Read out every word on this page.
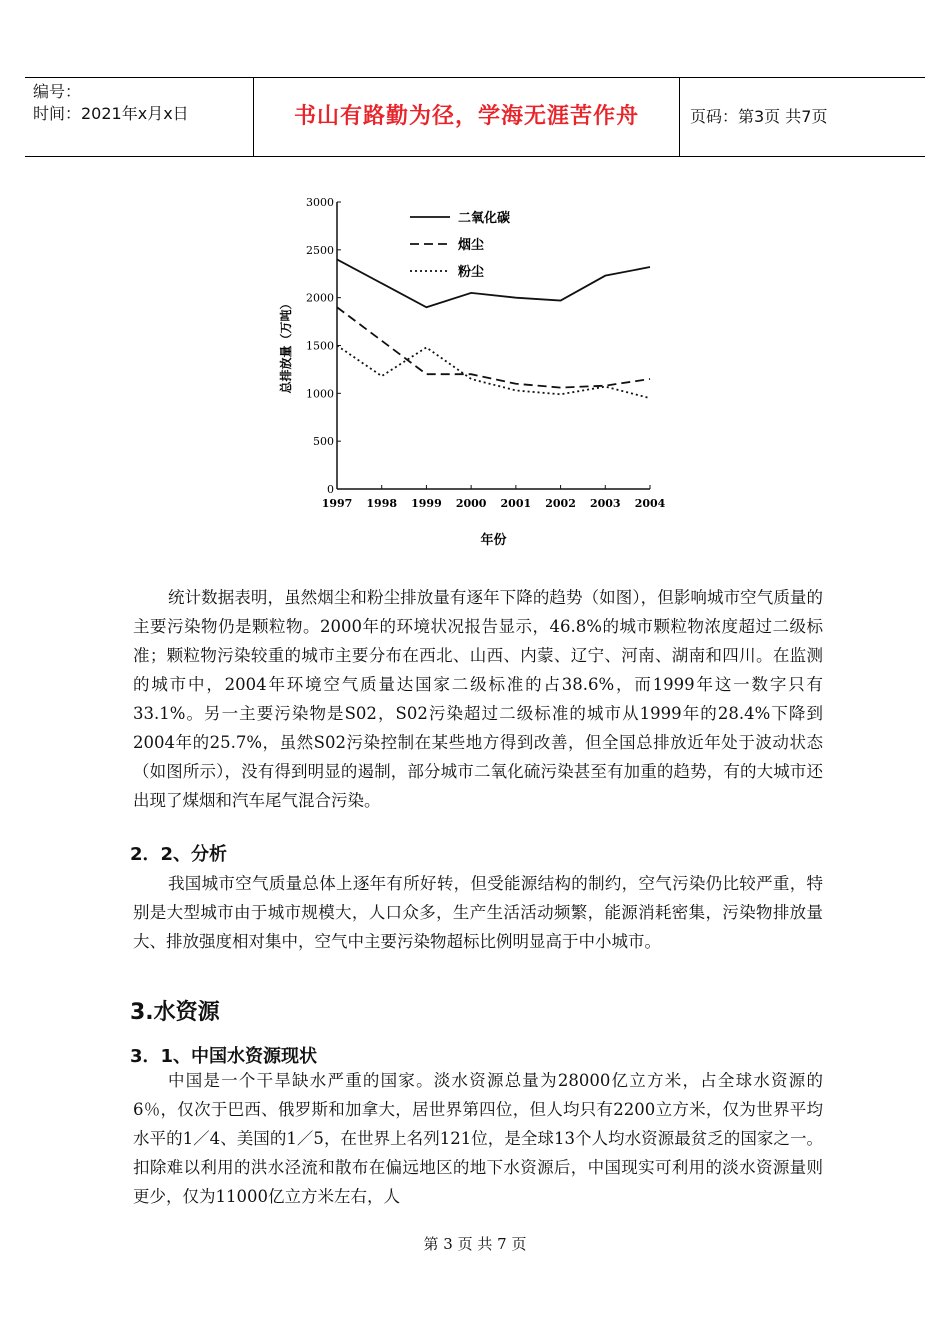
编号：
时间：2021年x月x日	书山有路勤为径，学海无涯苦作舟	页码：第3页 共7页
0
500
1000
1500
2000
2500
3000
1997 1998 1999 2000 2001 2002 2003 2004
二氧化碳
烟尘
粉尘
总排放量（万吨）
年份

统计数据表明，虽然烟尘和粉尘排放量有逐年下降的趋势（如图），但影响城市空气质量的主要污染物仍是颗粒物。2000年的环境状况报告显示，46.8%的城市颗粒物浓度超过二级标准；颗粒物污染较重的城市主要分布在西北、山西、内蒙、辽宁、河南、湖南和四川。在监测的城市中，2004年环境空气质量达国家二级标准的占38.6%，而1999年这一数字只有33.1%。另一主要污染物是S02，S02污染超过二级标准的城市从1999年的28.4%下降到2004年的25.7%，虽然S02污染控制在某些地方得到改善，但全国总排放近年处于波动状态（如图所示），没有得到明显的遏制，部分城市二氧化硫污染甚至有加重的趋势，有的大城市还出现了煤烟和汽车尾气混合污染。

2．2、分析

我国城市空气质量总体上逐年有所好转，但受能源结构的制约，空气污染仍比较严重，特别是大型城市由于城市规模大，人口众多，生产生活活动频繁，能源消耗密集，污染物排放量大、排放强度相对集中，空气中主要污染物超标比例明显高于中小城市。

3.水资源
3．1、中国水资源现状

中国是一个干旱缺水严重的国家。淡水资源总量为28000亿立方米，占全球水资源的6％，仅次于巴西、俄罗斯和加拿大，居世界第四位，但人均只有2200立方米，仅为世界平均水平的1／4、美国的1／5，在世界上名列121位，是全球13个人均水资源最贫乏的国家之一。扣除难以利用的洪水泾流和散布在偏远地区的地下水资源后，中国现实可利用的淡水资源量则更少，仅为11000亿立方米左右，人

第 3 页 共 7 页
